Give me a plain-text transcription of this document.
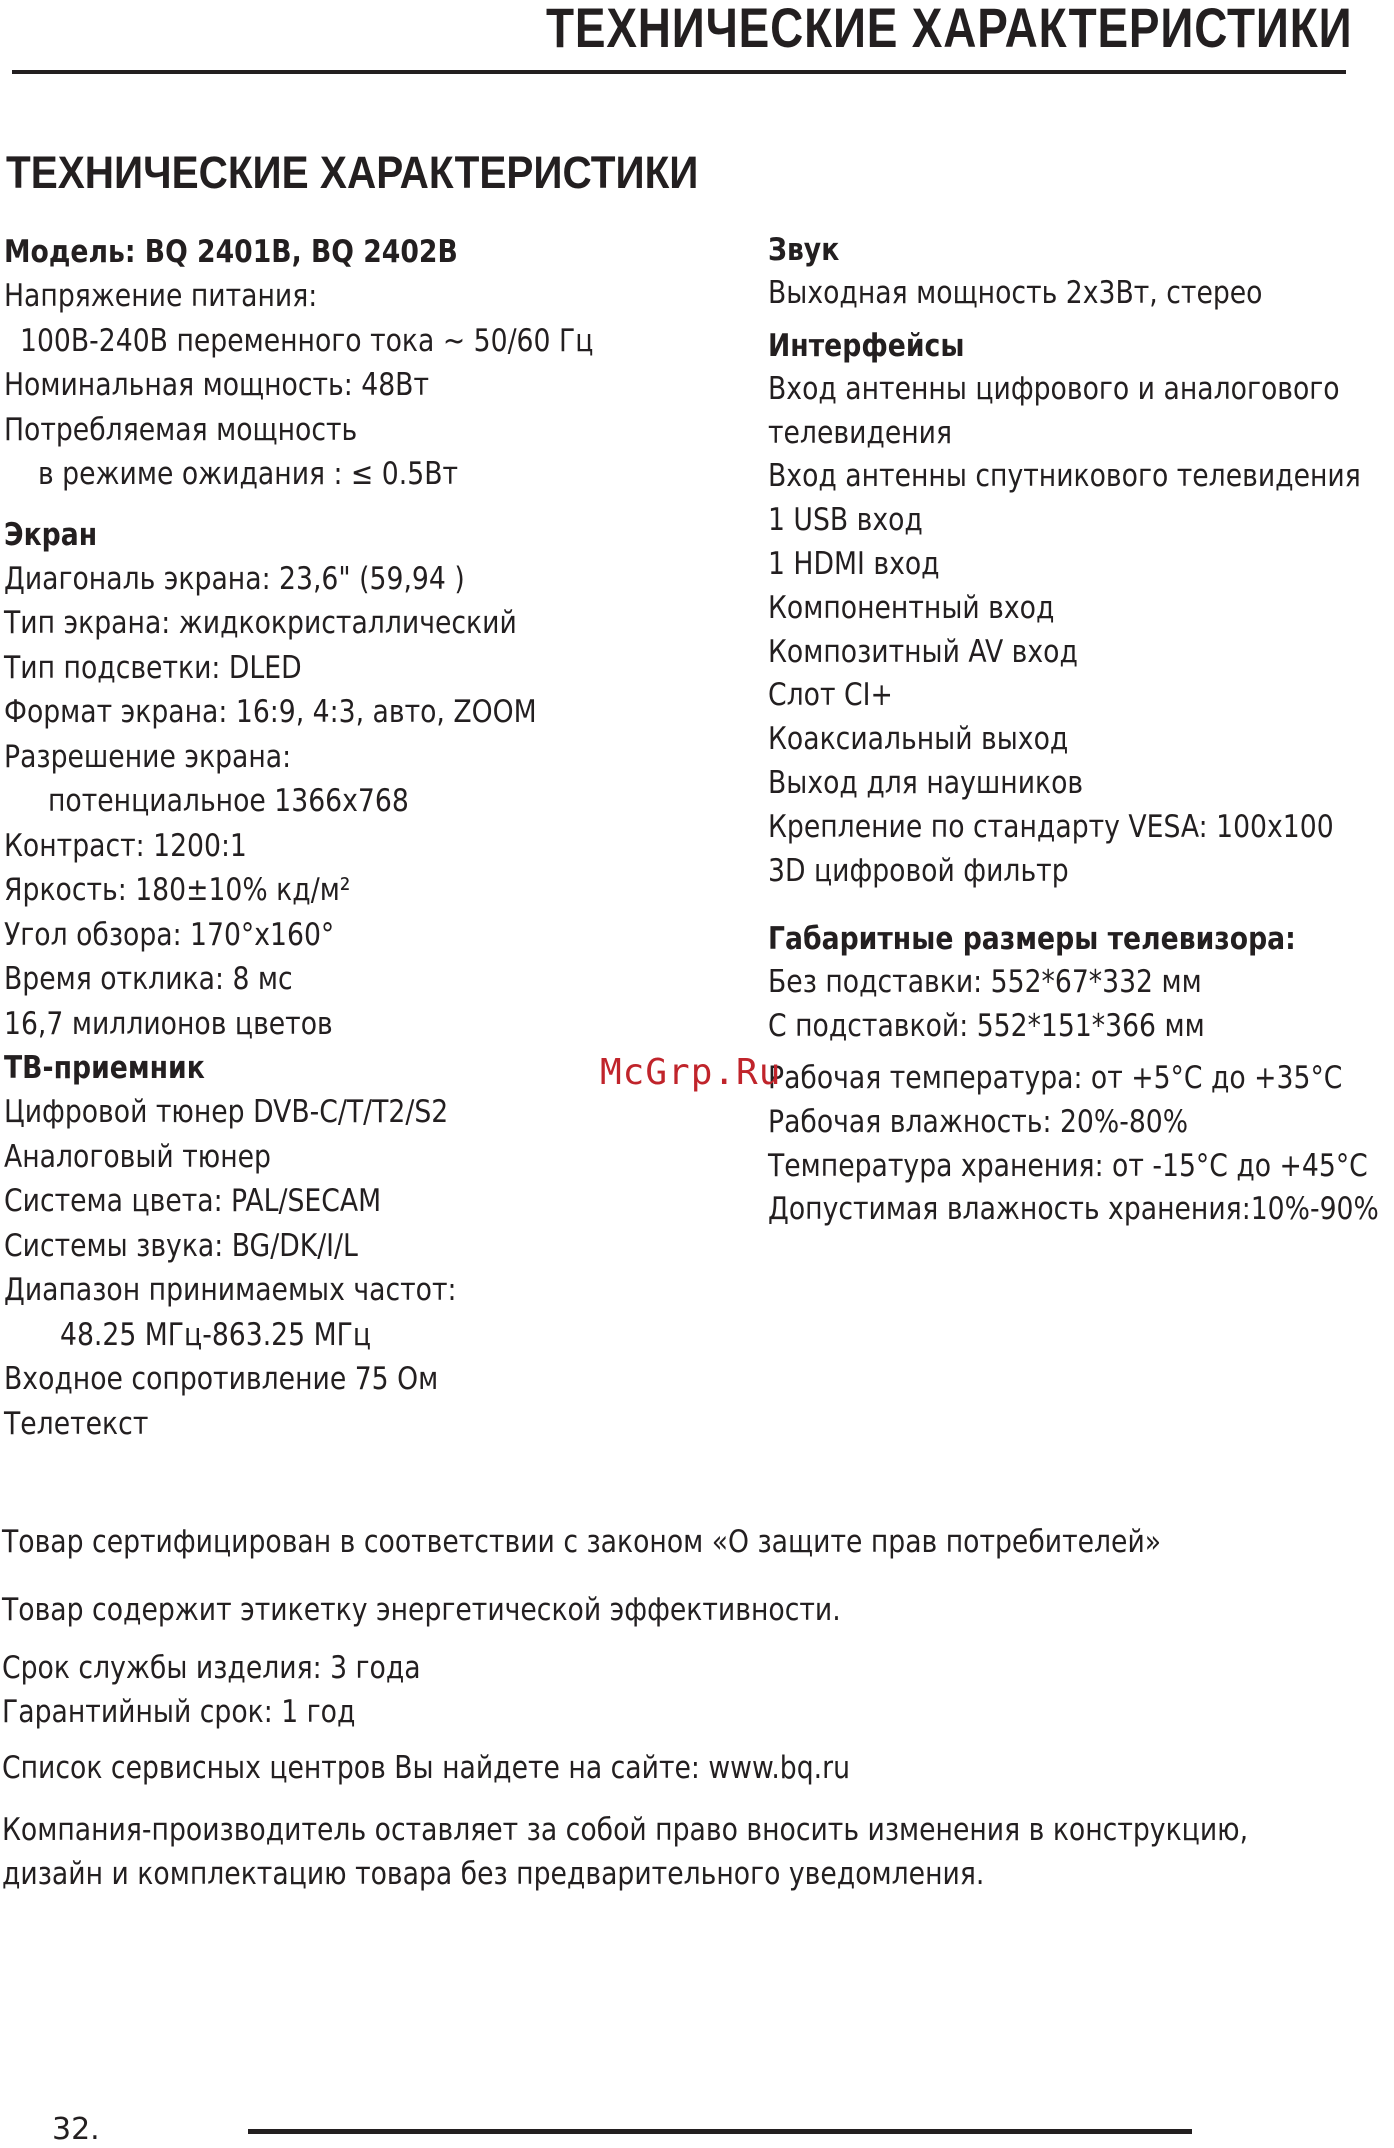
ТЕХНИЧЕСКИЕ ХАРАКТЕРИСТИКИ
ТЕХНИЧЕСКИЕ ХАРАКТЕРИСТИКИ
Модель: BQ 2401B, BQ 2402B
Напряжение питания:
100В-240В переменного тока ~ 50/60 Гц
Номинальная мощность: 48Вт
Потребляемая мощность
в режиме ожидания : ≤ 0.5Вт
Экран
Диагональ экрана: 23,6" (59,94 )
Тип экрана: жидкокристаллический
Тип подсветки: DLED
Формат экрана: 16:9, 4:3, авто, ZOOM
Разрешение экрана:
потенциальное 1366х768
Контраст: 1200:1
Яркость: 180±10% кд/м²
Угол обзора: 170°x160°
Время отклика: 8 мс
16,7 миллионов цветов
ТВ-приемник
Цифровой тюнер DVB-C/T/T2/S2
Аналоговый тюнер
Система цвета: PAL/SECAM
Системы звука: BG/DK/I/L
Диапазон принимаемых частот:
48.25 МГц-863.25 МГц
Входное сопротивление 75 Ом
Телетекст
Звук
Выходная мощность 2х3Вт, стерео
Интерфейсы
Вход антенны цифрового и аналогового
телевидения
Вход антенны спутникового телевидения
1 USB вход
1 HDMI вход
Компонентный вход
Композитный AV вход
Слот CI+
Коаксиальный выход
Выход для наушников
Крепление по стандарту VESA: 100х100
3D цифровой фильтр
Габаритные размеры телевизора:
Без подставки: 552*67*332 мм
С подставкой: 552*151*366 мм
Рабочая температура: от +5°С до +35°С
Рабочая влажность: 20%-80%
Температура хранения: от -15°С до +45°С
Допустимая влажность хранения:10%-90%
McGrp.Ru
Товар сертифицирован в соответствии с законом «О защите прав потребителей»
Товар содержит этикетку энергетической эффективности.
Срок службы изделия: 3 года
Гарантийный срок: 1 год
Список сервисных центров Вы найдете на сайте: www.bq.ru
Компания-производитель оставляет за собой право вносить изменения в конструкцию,
дизайн и комплектацию товара без предварительного уведомления.
32.
